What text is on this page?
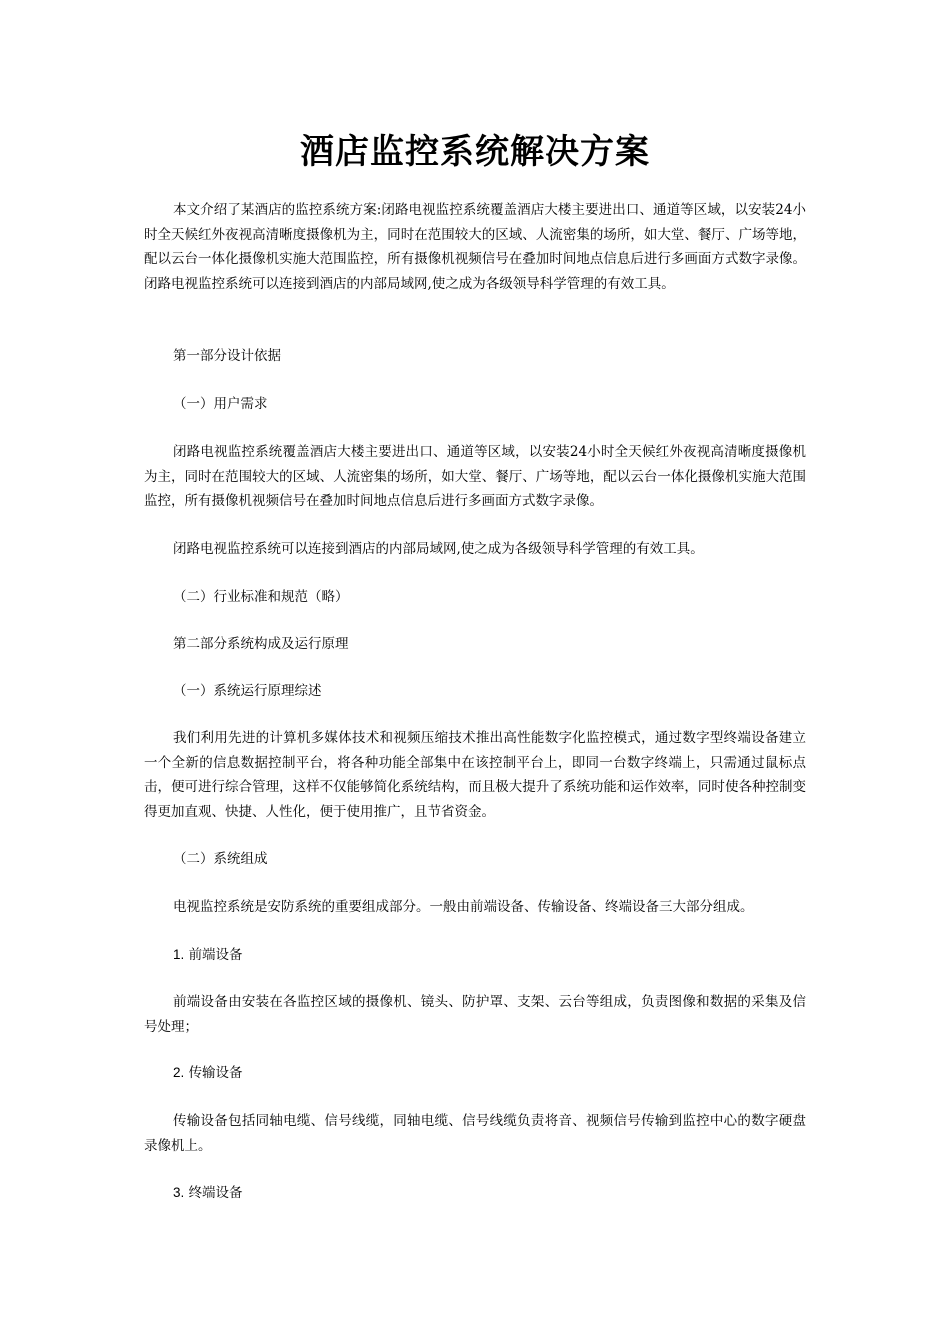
酒店监控系统解决方案

本文介绍了某酒店的监控系统方案:闭路电视监控系统覆盖酒店大楼主要进出口、通道等区域，以安装24小时全天候红外夜视高清晰度摄像机为主，同时在范围较大的区域、人流密集的场所，如大堂、餐厅、广场等地，配以云台一体化摄像机实施大范围监控，所有摄像机视频信号在叠加时间地点信息后进行多画面方式数字录像。闭路电视监控系统可以连接到酒店的内部局域网,使之成为各级领导科学管理的有效工具。

第一部分设计依据

（一）用户需求

闭路电视监控系统覆盖酒店大楼主要进出口、通道等区域，以安装24小时全天候红外夜视高清晰度摄像机为主，同时在范围较大的区域、人流密集的场所，如大堂、餐厅、广场等地，配以云台一体化摄像机实施大范围监控，所有摄像机视频信号在叠加时间地点信息后进行多画面方式数字录像。

闭路电视监控系统可以连接到酒店的内部局域网,使之成为各级领导科学管理的有效工具。

（二）行业标准和规范（略）

第二部分系统构成及运行原理

（一）系统运行原理综述

我们利用先进的计算机多媒体技术和视频压缩技术推出高性能数字化监控模式，通过数字型终端设备建立一个全新的信息数据控制平台，将各种功能全部集中在该控制平台上，即同一台数字终端上，只需通过鼠标点击，便可进行综合管理，这样不仅能够简化系统结构，而且极大提升了系统功能和运作效率，同时使各种控制变得更加直观、快捷、人性化，便于使用推广，且节省资金。

（二）系统组成

电视监控系统是安防系统的重要组成部分。一般由前端设备、传输设备、终端设备三大部分组成。

1. 前端设备

前端设备由安装在各监控区域的摄像机、镜头、防护罩、支架、云台等组成，负责图像和数据的采集及信号处理；

2. 传输设备

传输设备包括同轴电缆、信号线缆，同轴电缆、信号线缆负责将音、视频信号传输到监控中心的数字硬盘录像机上。

3. 终端设备
